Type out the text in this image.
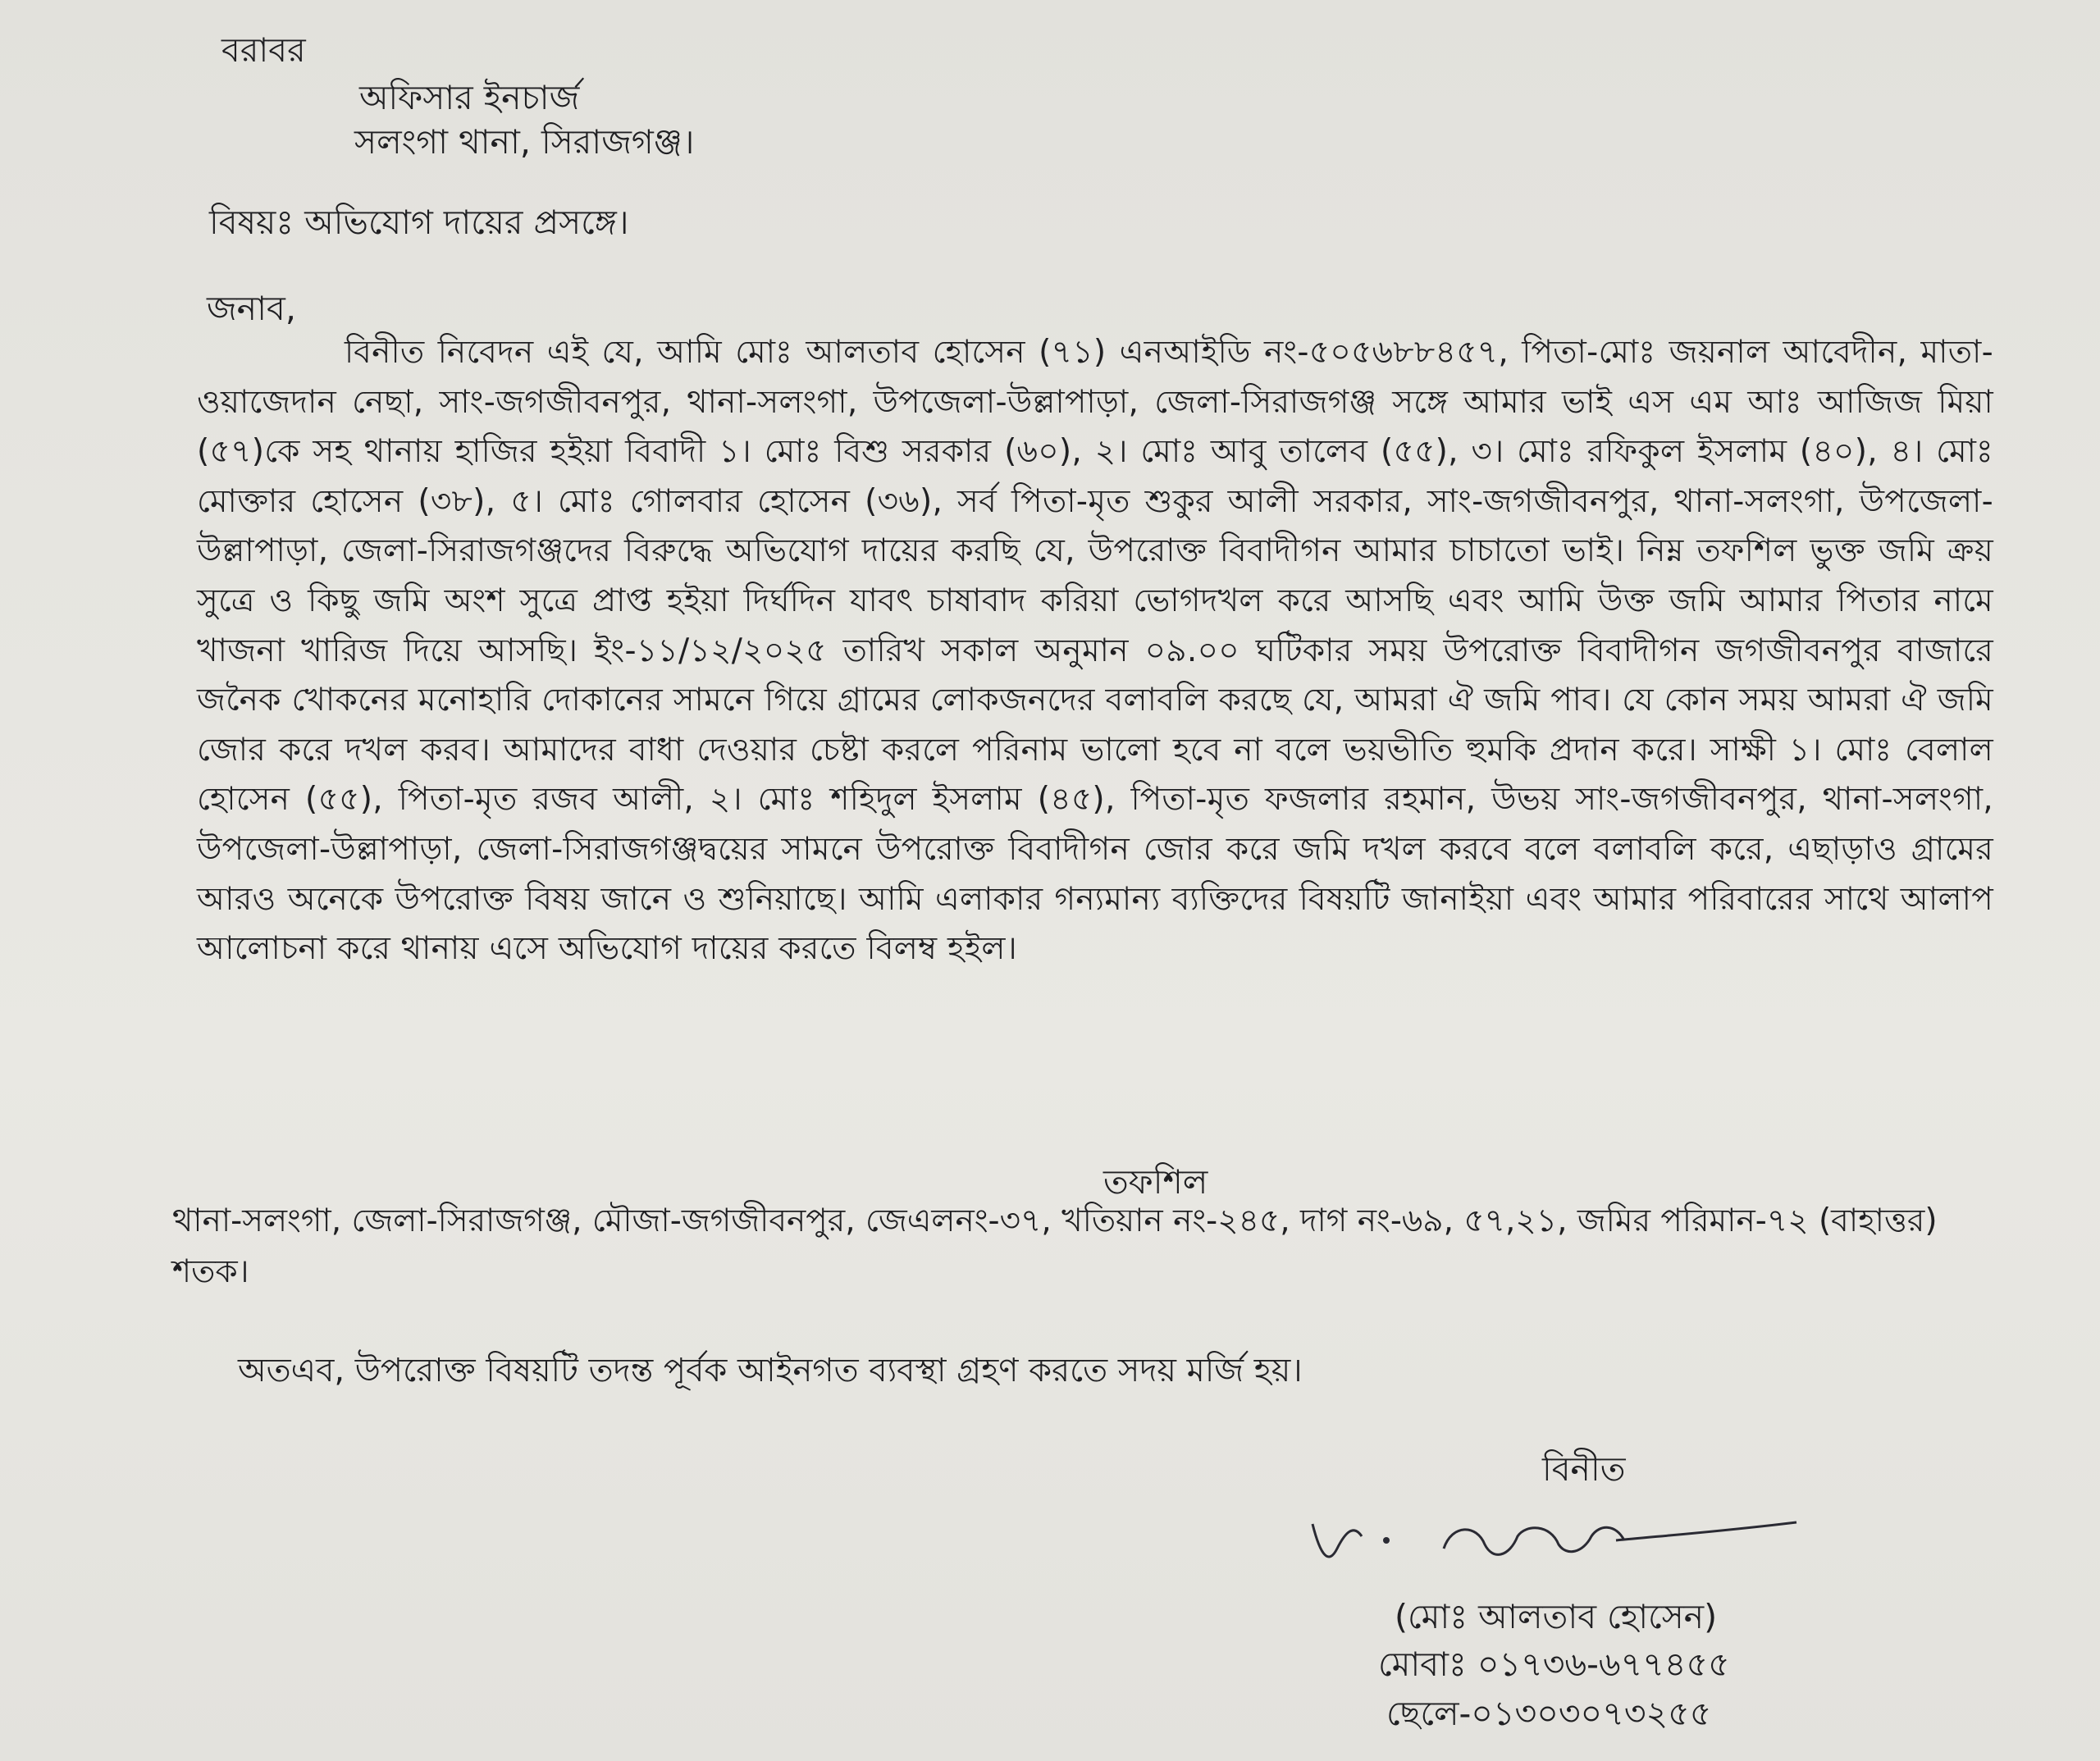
বরাবর
অফিসার ইনচার্জ
সলংগা থানা, সিরাজগঞ্জ।
বিষয়ঃ অভিযোগ দায়ের প্রসঙ্গে।
জনাব,
বিনীত নিবেদন এই যে, আমি মোঃ আলতাব হোসেন (৭১) এনআইডি নং-৫০৫৬৮৮৪৫৭, পিতা-মোঃ জয়নাল আবেদীন, মাতা-ওয়াজেদান নেছা, সাং-জগজীবনপুর, থানা-সলংগা, উপজেলা-উল্লাপাড়া, জেলা-সিরাজগঞ্জ সঙ্গে আমার ভাই এস এম আঃ আজিজ মিয়া (৫৭)কে সহ থানায় হাজির হইয়া বিবাদী ১। মোঃ বিশু সরকার (৬০), ২। মোঃ আবু তালেব (৫৫), ৩। মোঃ রফিকুল ইসলাম (৪০), ৪। মোঃ মোক্তার হোসেন (৩৮), ৫। মোঃ গোলবার হোসেন (৩৬), সর্ব পিতা-মৃত শুকুর আলী সরকার, সাং-জগজীবনপুর, থানা-সলংগা, উপজেলা-উল্লাপাড়া, জেলা-সিরাজগঞ্জদের বিরুদ্ধে অভিযোগ দায়ের করছি যে, উপরোক্ত বিবাদীগন আমার চাচাতো ভাই। নিম্ন তফশিল ভুক্ত জমি ক্রয় সুত্রে ও কিছু জমি অংশ সুত্রে প্রাপ্ত হইয়া দির্ঘদিন যাবৎ চাষাবাদ করিয়া ভোগদখল করে আসছি এবং আমি উক্ত জমি আমার পিতার নামে খাজনা খারিজ দিয়ে আসছি। ইং-১১/১২/২০২৫ তারিখ সকাল অনুমান ০৯.০০ ঘটিকার সময় উপরোক্ত বিবাদীগন জগজীবনপুর বাজারে জনৈক খোকনের মনোহারি দোকানের সামনে গিয়ে গ্রামের লোকজনদের বলাবলি করছে যে, আমরা ঐ জমি পাব। যে কোন সময় আমরা ঐ জমি জোর করে দখল করব। আমাদের বাধা দেওয়ার চেষ্টা করলে পরিনাম ভালো হবে না বলে ভয়ভীতি হুমকি প্রদান করে। সাক্ষী ১। মোঃ বেলাল হোসেন (৫৫), পিতা-মৃত রজব আলী, ২। মোঃ শহিদুল ইসলাম (৪৫), পিতা-মৃত ফজলার রহমান, উভয় সাং-জগজীবনপুর, থানা-সলংগা, উপজেলা-উল্লাপাড়া, জেলা-সিরাজগঞ্জদ্বয়ের সামনে উপরোক্ত বিবাদীগন জোর করে জমি দখল করবে বলে বলাবলি করে, এছাড়াও গ্রামের আরও অনেকে উপরোক্ত বিষয় জানে ও শুনিয়াছে। আমি এলাকার গন্যমান্য ব্যক্তিদের বিষয়টি জানাইয়া এবং আমার পরিবারের সাথে আলাপ আলোচনা করে থানায় এসে অভিযোগ দায়ের করতে বিলম্ব হইল।
তফশিল
থানা-সলংগা, জেলা-সিরাজগঞ্জ, মৌজা-জগজীবনপুর, জেএলনং-৩৭, খতিয়ান নং-২৪৫, দাগ নং-৬৯, ৫৭,২১, জমির পরিমান-৭২ (বাহাত্তর) শতক।
অতএব, উপরোক্ত বিষয়টি তদন্ত পূর্বক আইনগত ব্যবস্থা গ্রহণ করতে সদয় মর্জি হয়।
বিনীত
(মোঃ আলতাব হোসেন)
মোবাঃ ০১৭৩৬-৬৭৭৪৫৫
ছেলে-০১৩০৩০৭৩২৫৫
